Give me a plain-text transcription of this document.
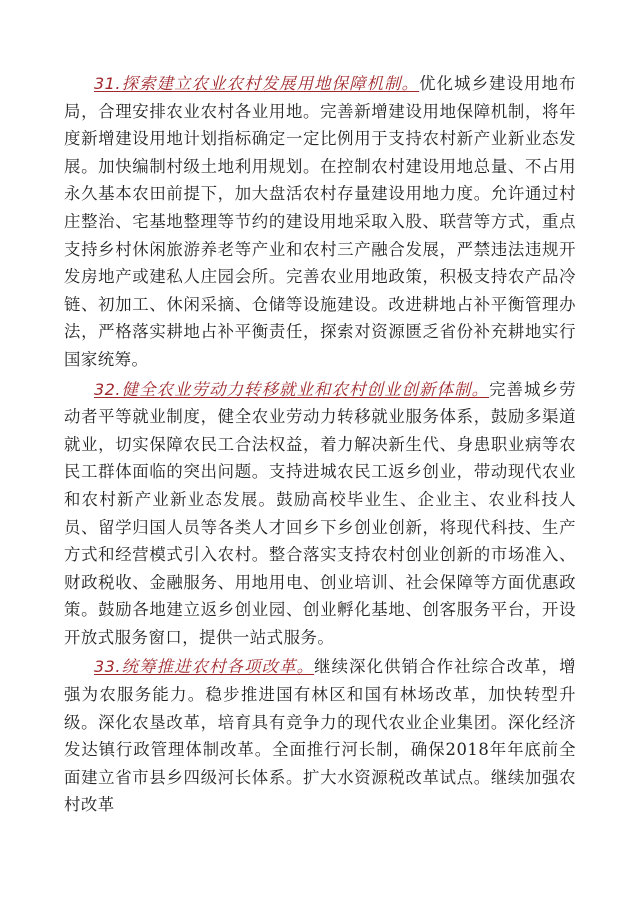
31.探索建立农业农村发展用地保障机制。优化城乡建设用地布局，合理安排农业农村各业用地。完善新增建设用地保障机制，将年度新增建设用地计划指标确定一定比例用于支持农村新产业新业态发展。加快编制村级土地利用规划。在控制农村建设用地总量、不占用永久基本农田前提下，加大盘活农村存量建设用地力度。允许通过村庄整治、宅基地整理等节约的建设用地采取入股、联营等方式，重点支持乡村休闲旅游养老等产业和农村三产融合发展，严禁违法违规开发房地产或建私人庄园会所。完善农业用地政策，积极支持农产品冷链、初加工、休闲采摘、仓储等设施建设。改进耕地占补平衡管理办法，严格落实耕地占补平衡责任，探索对资源匮乏省份补充耕地实行国家统筹。

32.健全农业劳动力转移就业和农村创业创新体制。完善城乡劳动者平等就业制度，健全农业劳动力转移就业服务体系，鼓励多渠道就业，切实保障农民工合法权益，着力解决新生代、身患职业病等农民工群体面临的突出问题。支持进城农民工返乡创业，带动现代农业和农村新产业新业态发展。鼓励高校毕业生、企业主、农业科技人员、留学归国人员等各类人才回乡下乡创业创新，将现代科技、生产方式和经营模式引入农村。整合落实支持农村创业创新的市场准入、财政税收、金融服务、用地用电、创业培训、社会保障等方面优惠政策。鼓励各地建立返乡创业园、创业孵化基地、创客服务平台，开设开放式服务窗口，提供一站式服务。

33.统筹推进农村各项改革。继续深化供销合作社综合改革，增强为农服务能力。稳步推进国有林区和国有林场改革，加快转型升级。深化农垦改革，培育具有竞争力的现代农业企业集团。深化经济发达镇行政管理体制改革。全面推行河长制，确保2018年年底前全面建立省市县乡四级河长体系。扩大水资源税改革试点。继续加强农村改革
